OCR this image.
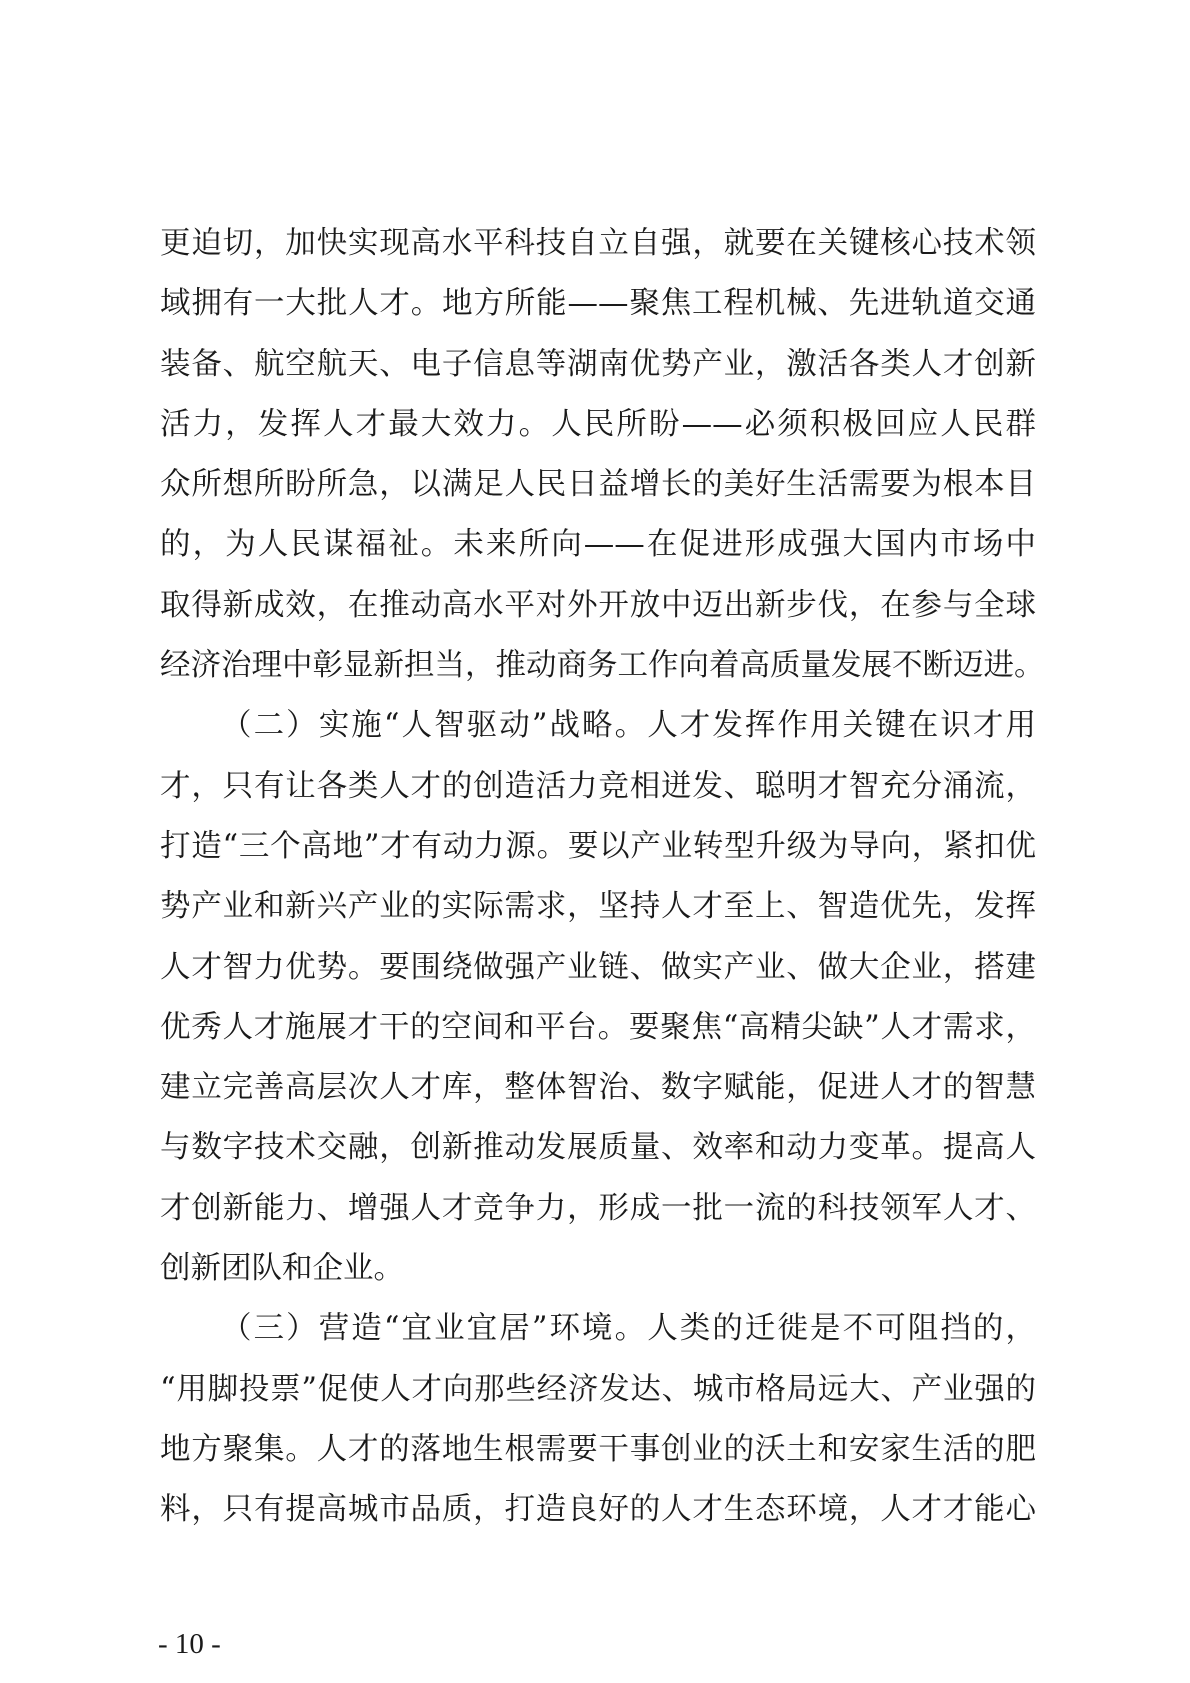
更迫切，加快实现高水平科技自立自强，就要在关键核心技术领
域拥有一大批人才。地方所能——聚焦工程机械、先进轨道交通
装备、航空航天、电子信息等湖南优势产业，激活各类人才创新
活力，发挥人才最大效力。人民所盼——必须积极回应人民群
众所想所盼所急，以满足人民日益增长的美好生活需要为根本目
的，为人民谋福祉。未来所向——在促进形成强大国内市场中
取得新成效，在推动高水平对外开放中迈出新步伐，在参与全球
经济治理中彰显新担当，推动商务工作向着高质量发展不断迈进。
（二）实施“人智驱动”战略。人才发挥作用关键在识才用
才，只有让各类人才的创造活力竞相迸发、聪明才智充分涌流，
打造“三个高地”才有动力源。要以产业转型升级为导向，紧扣优
势产业和新兴产业的实际需求，坚持人才至上、智造优先，发挥
人才智力优势。要围绕做强产业链、做实产业、做大企业，搭建
优秀人才施展才干的空间和平台。要聚焦“高精尖缺”人才需求，
建立完善高层次人才库，整体智治、数字赋能，促进人才的智慧
与数字技术交融，创新推动发展质量、效率和动力变革。提高人
才创新能力、增强人才竞争力，形成一批一流的科技领军人才、
创新团队和企业。
（三）营造“宜业宜居”环境。人类的迁徙是不可阻挡的，
“用脚投票”促使人才向那些经济发达、城市格局远大、产业强的
地方聚集。人才的落地生根需要干事创业的沃土和安家生活的肥
料，只有提高城市品质，打造良好的人才生态环境，人才才能心
- 10 -
